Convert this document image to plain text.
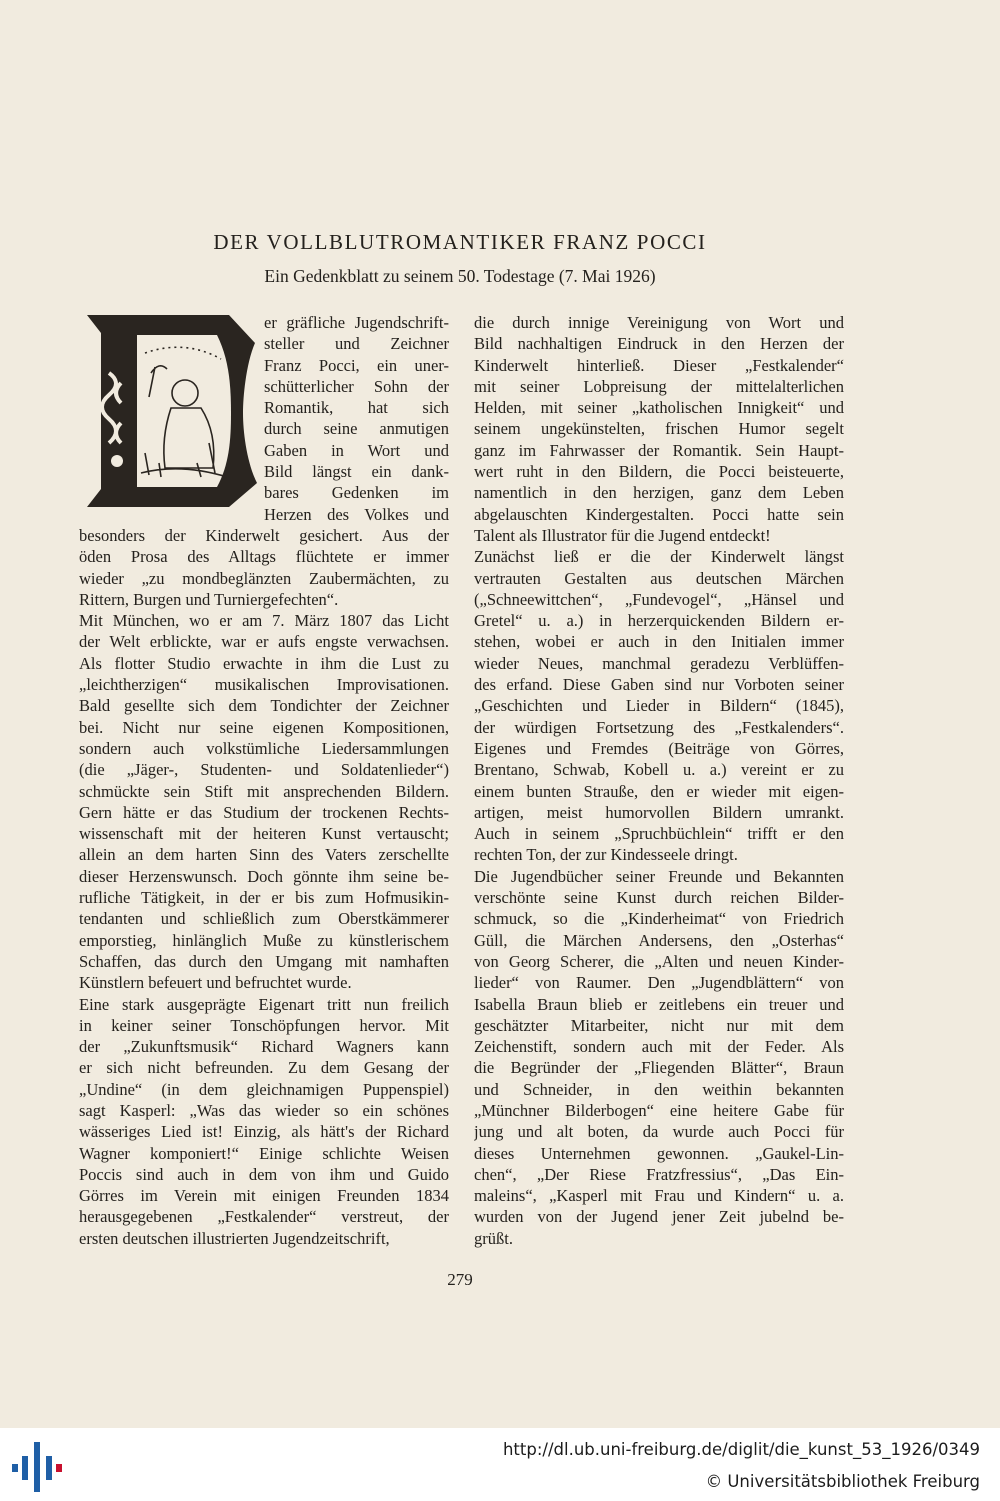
DER VOLLBLUTROMANTIKER FRANZ POCCI
Ein Gedenkblatt zu seinem 50. Todestage (7. Mai 1926)
er gräfliche Jugendschrift-
steller und Zeichner
Franz Pocci, ein uner-
schütterlicher Sohn der
Romantik, hat sich
durch seine anmutigen
Gaben in Wort und
Bild längst ein dank-
bares Gedenken im
Herzen des Volkes und
besonders der Kinderwelt gesichert. Aus der
öden Prosa des Alltags flüchtete er immer
wieder „zu mondbeglänzten Zaubermächten, zu
Rittern, Burgen und Turniergefechten“.
Mit München, wo er am 7. März 1807 das Licht
der Welt erblickte, war er aufs engste verwachsen.
Als flotter Studio erwachte in ihm die Lust zu
„leichtherzigen“ musikalischen Improvisationen.
Bald gesellte sich dem Tondichter der Zeichner
bei. Nicht nur seine eigenen Kompositionen,
sondern auch volkstümliche Liedersammlungen
(die „Jäger-, Studenten- und Soldatenlieder“)
schmückte sein Stift mit ansprechenden Bildern.
Gern hätte er das Studium der trockenen Rechts-
wissenschaft mit der heiteren Kunst vertauscht;
allein an dem harten Sinn des Vaters zerschellte
dieser Herzenswunsch. Doch gönnte ihm seine be-
rufliche Tätigkeit, in der er bis zum Hofmusikin-
tendanten und schließlich zum Oberstkämmerer
emporstieg, hinlänglich Muße zu künstlerischem
Schaffen, das durch den Umgang mit namhaften
Künstlern befeuert und befruchtet wurde.
Eine stark ausgeprägte Eigenart tritt nun freilich
in keiner seiner Tonschöpfungen hervor. Mit
der „Zukunftsmusik“ Richard Wagners kann
er sich nicht befreunden. Zu dem Gesang der
„Undine“ (in dem gleichnamigen Puppenspiel)
sagt Kasperl: „Was das wieder so ein schönes
wässeriges Lied ist! Einzig, als hätt's der Richard
Wagner komponiert!“ Einige schlichte Weisen
Poccis sind auch in dem von ihm und Guido
Görres im Verein mit einigen Freunden 1834
herausgegebenen „Festkalender“ verstreut, der
ersten deutschen illustrierten Jugendzeitschrift,
die durch innige Vereinigung von Wort und
Bild nachhaltigen Eindruck in den Herzen der
Kinderwelt hinterließ. Dieser „Festkalender“
mit seiner Lobpreisung der mittelalterlichen
Helden, mit seiner „katholischen Innigkeit“ und
seinem ungekünstelten, frischen Humor segelt
ganz im Fahrwasser der Romantik. Sein Haupt-
wert ruht in den Bildern, die Pocci beisteuerte,
namentlich in den herzigen, ganz dem Leben
abgelauschten Kindergestalten. Pocci hatte sein
Talent als Illustrator für die Jugend entdeckt!
Zunächst ließ er die der Kinderwelt längst
vertrauten Gestalten aus deutschen Märchen
(„Schneewittchen“, „Fundevogel“, „Hänsel und
Gretel“ u. a.) in herzerquickenden Bildern er-
stehen, wobei er auch in den Initialen immer
wieder Neues, manchmal geradezu Verblüffen-
des erfand. Diese Gaben sind nur Vorboten seiner
„Geschichten und Lieder in Bildern“ (1845),
der würdigen Fortsetzung des „Festkalenders“.
Eigenes und Fremdes (Beiträge von Görres,
Brentano, Schwab, Kobell u. a.) vereint er zu
einem bunten Strauße, den er wieder mit eigen-
artigen, meist humorvollen Bildern umrankt.
Auch in seinem „Spruchbüchlein“ trifft er den
rechten Ton, der zur Kindesseele dringt.
Die Jugendbücher seiner Freunde und Bekannten
verschönte seine Kunst durch reichen Bilder-
schmuck, so die „Kinderheimat“ von Friedrich
Güll, die Märchen Andersens, den „Osterhas“
von Georg Scherer, die „Alten und neuen Kinder-
lieder“ von Raumer. Den „Jugendblättern“ von
Isabella Braun blieb er zeitlebens ein treuer und
geschätzter Mitarbeiter, nicht nur mit dem
Zeichenstift, sondern auch mit der Feder. Als
die Begründer der „Fliegenden Blätter“, Braun
und Schneider, in den weithin bekannten
„Münchner Bilderbogen“ eine heitere Gabe für
jung und alt boten, da wurde auch Pocci für
dieses Unternehmen gewonnen. „Gaukel-Lin-
chen“, „Der Riese Fratzfressius“, „Das Ein-
maleins“, „Kasperl mit Frau und Kindern“ u. a.
wurden von der Jugend jener Zeit jubelnd be-
grüßt.
279
http://dl.ub.uni-freiburg.de/diglit/die_kunst_53_1926/0349
© Universitätsbibliothek Freiburg
